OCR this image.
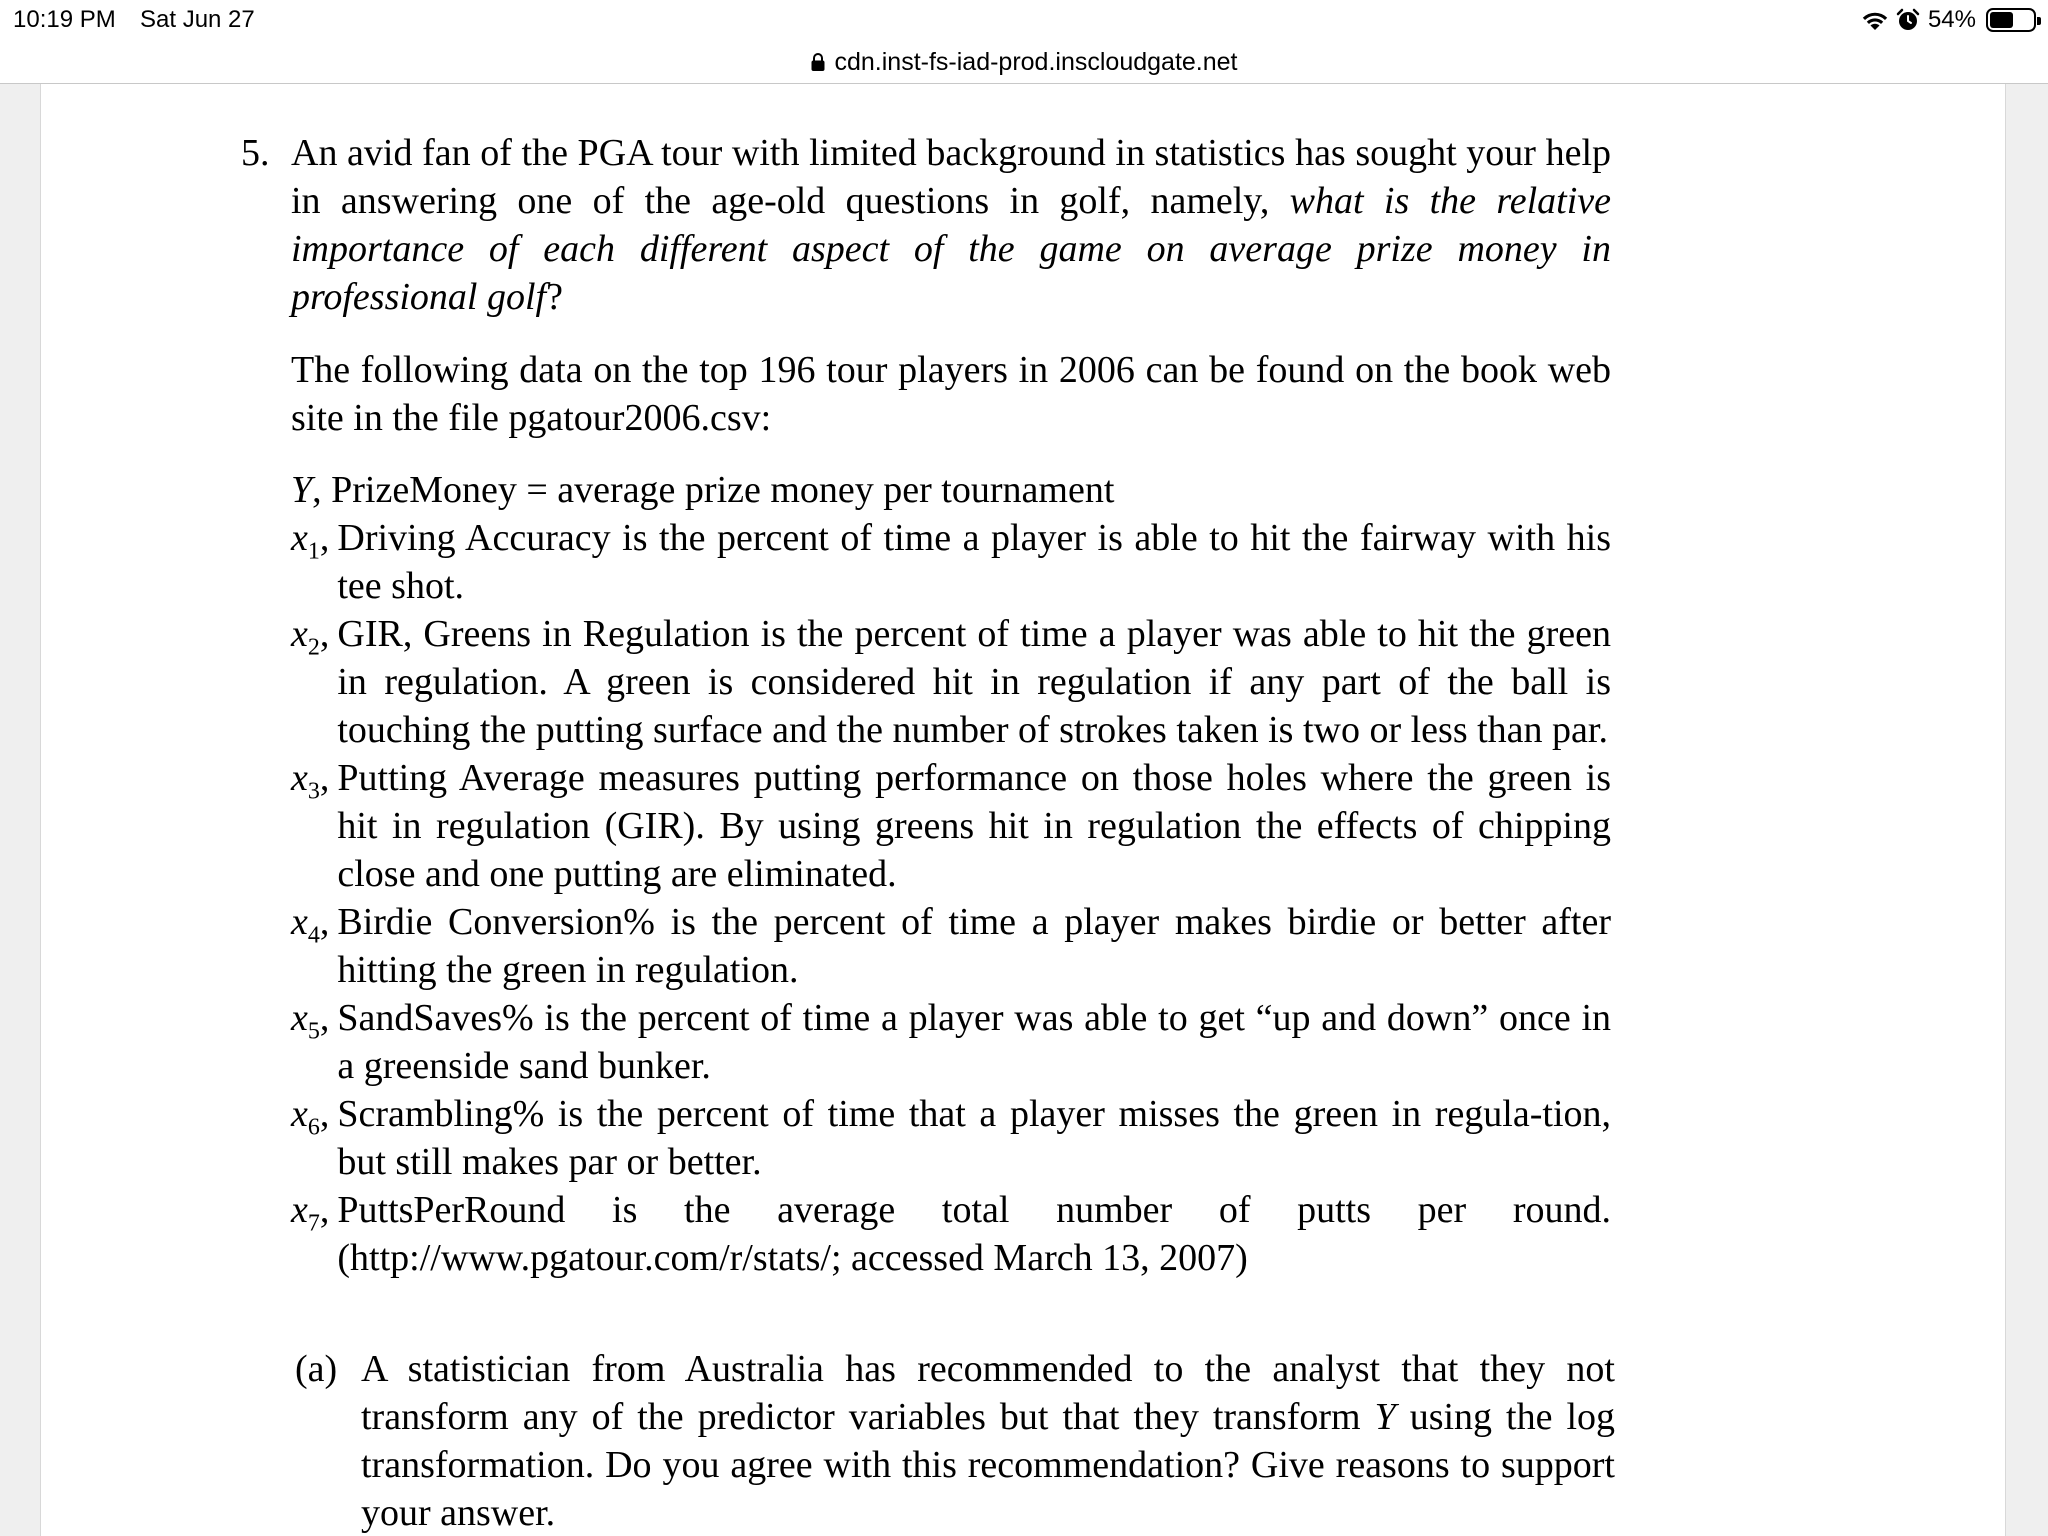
10:19 PM Sat Jun 27	54%
cdn.inst-fs-iad-prod.inscloudgate.net
5. An avid fan of the PGA tour with limited background in statistics has sought your help in answering one of the age-old questions in golf, namely, what is the relative importance of each different aspect of the game on average prize money in professional golf?

The following data on the top 196 tour players in 2006 can be found on the book web site in the file pgatour2006.csv:

Y, PrizeMoney = average prize money per tournament
$x_1$, Driving Accuracy is the percent of time a player is able to hit the fairway with his tee shot.
$x_2$, GIR, Greens in Regulation is the percent of time a player was able to hit the green in regulation. A green is considered hit in regulation if any part of the ball is touching the putting surface and the number of strokes taken is two or less than par.
$x_3$, Putting Average measures putting performance on those holes where the green is hit in regulation (GIR). By using greens hit in regulation the effects of chipping close and one putting are eliminated.
$x_4$, Birdie Conversion% is the percent of time a player makes birdie or better after hitting the green in regulation.
$x_5$, SandSaves% is the percent of time a player was able to get “up and down” once in a greenside sand bunker.
$x_6$, Scrambling% is the percent of time that a player misses the green in regula-tion, but still makes par or better.
$x_7$, PuttsPerRound is the average total number of putts per round.(http://www.pgatour.com/r/stats/; accessed March 13, 2007)
(a) A statistician from Australia has recommended to the analyst that they not transform any of the predictor variables but that they transform Y using the log transformation. Do you agree with this recommendation? Give reasons to support your answer.
